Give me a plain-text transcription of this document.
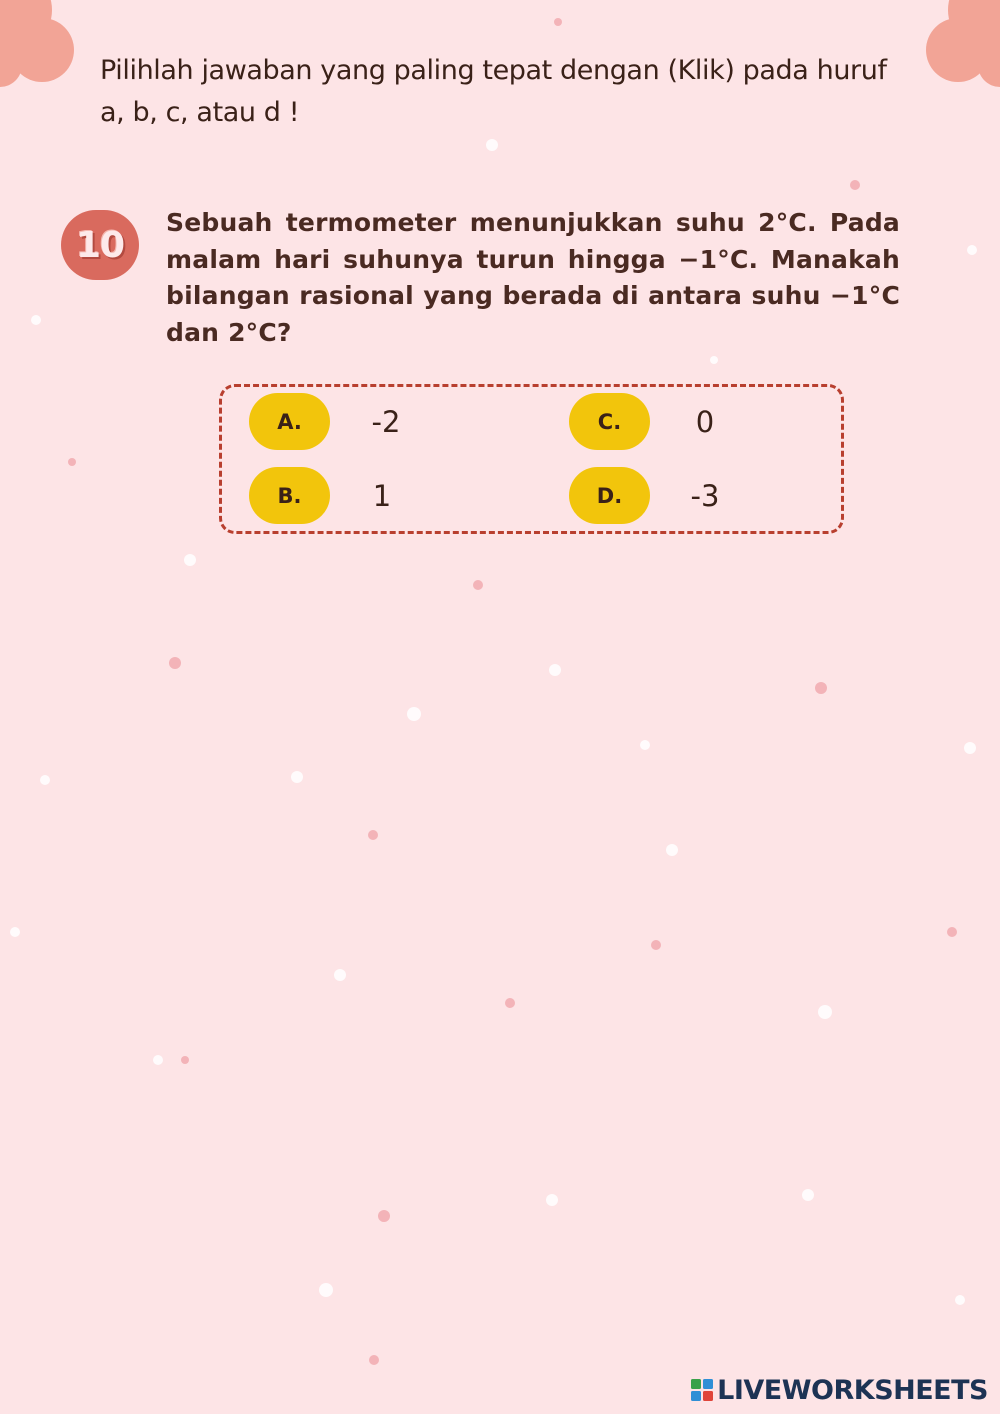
Pilihlah jawaban yang paling tepat dengan (Klik) pada huruf a, b, c, atau d !
10
Sebuah termometer menunjukkan suhu 2°C. Pada malam hari suhunya turun hingga −1°C. Manakah bilangan rasional yang berada di antara suhu −1°C dan 2°C?
A.	-2
B.	1
C.	0
D.	-3
LIVEWORKSHEETS
